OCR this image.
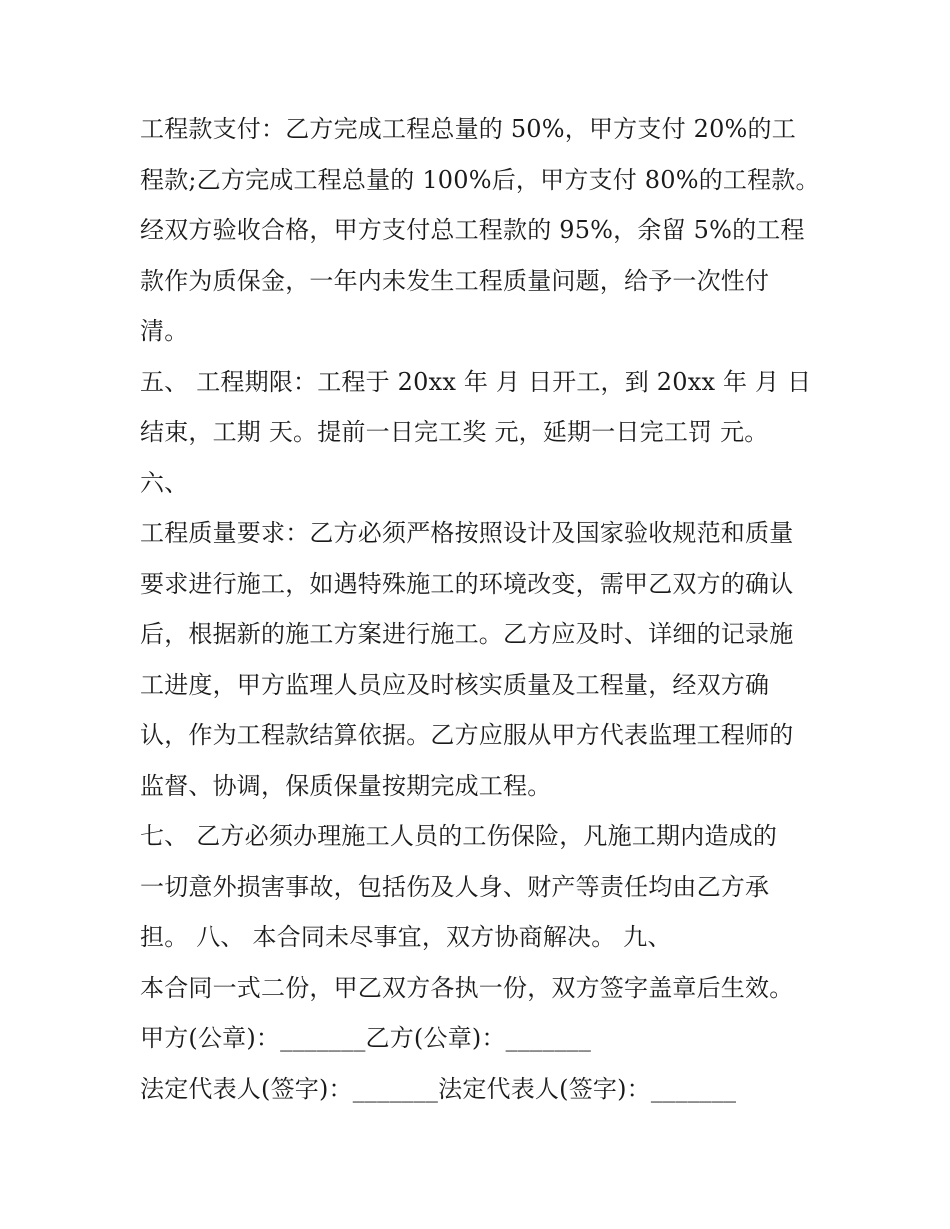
工程款支付：乙方完成工程总量的 50%，甲方支付 20%的工
程款;乙方完成工程总量的 100%后，甲方支付 80%的工程款。
经双方验收合格，甲方支付总工程款的 95%，余留 5%的工程
款作为质保金，一年内未发生工程质量问题，给予一次性付
清。
五、 工程期限：工程于 20xx 年 月 日开工，到 20xx 年 月 日
结束，工期 天。提前一日完工奖 元，延期一日完工罚 元。
六、
工程质量要求：乙方必须严格按照设计及国家验收规范和质量
要求进行施工，如遇特殊施工的环境改变，需甲乙双方的确认
后，根据新的施工方案进行施工。乙方应及时、详细的记录施
工进度，甲方监理人员应及时核实质量及工程量，经双方确
认，作为工程款结算依据。乙方应服从甲方代表监理工程师的
监督、协调，保质保量按期完成工程。
七、 乙方必须办理施工人员的工伤保险，凡施工期内造成的
一切意外损害事故，包括伤及人身、财产等责任均由乙方承
担。 八、 本合同未尽事宜，双方协商解决。 九、
本合同一式二份，甲乙双方各执一份，双方签字盖章后生效。
甲方(公章)：_______乙方(公章)：_______
法定代表人(签字)：_______法定代表人(签字)：_______
